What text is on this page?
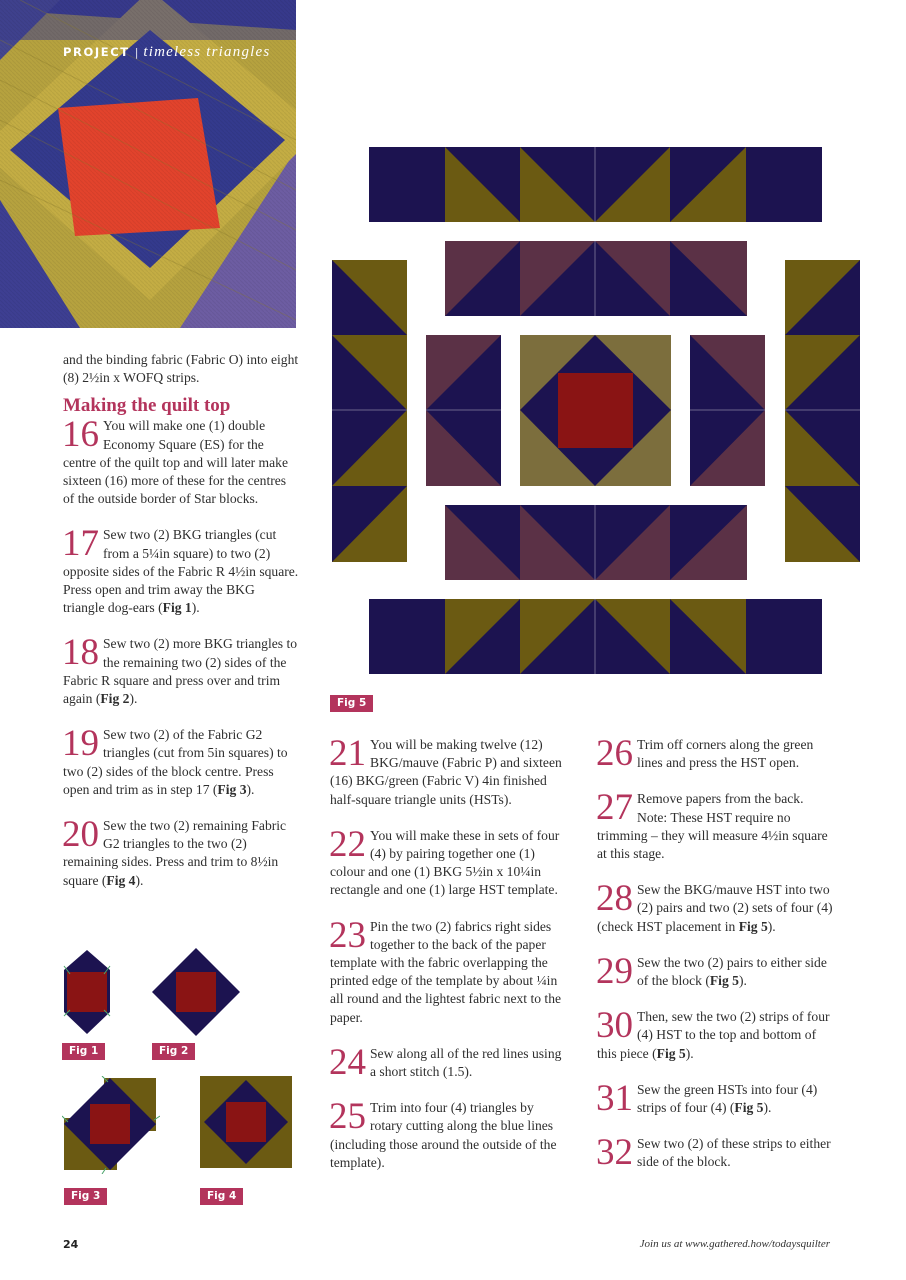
PROJECT | timeless triangles

and the binding fabric (Fabric O) into eight (8) 2½in x WOFQ strips.

Making the quilt top
16 You will make one (1) double Economy Square (ES) for the centre of the quilt top and will later make sixteen (16) more of these for the centres of the outside border of Star blocks.
17 Sew two (2) BKG triangles (cut from a 5¼in square) to two (2) opposite sides of the Fabric R 4½in square. Press open and trim away the BKG triangle dog-ears (Fig 1).
18 Sew two (2) more BKG triangles to the remaining two (2) sides of the Fabric R square and press over and trim again (Fig 2).
19 Sew two (2) of the Fabric G2 triangles (cut from 5in squares) to two (2) sides of the block centre. Press open and trim as in step 17 (Fig 3).
20 Sew the two (2) remaining Fabric G2 triangles to the two (2) remaining sides. Press and trim to 8½in square (Fig 4).
Fig 1	Fig 2
Fig 3	Fig 4
Fig 5
21 You will be making twelve (12) BKG/mauve (Fabric P) and sixteen (16) BKG/green (Fabric V) 4in finished half-square triangle units (HSTs).
22 You will make these in sets of four (4) by pairing together one (1) colour and one (1) BKG 5½in x 10¼in rectangle and one (1) large HST template.
23 Pin the two (2) fabrics right sides together to the back of the paper template with the fabric overlapping the printed edge of the template by about ¼in all round and the lightest fabric next to the paper.
24 Sew along all of the red lines using a short stitch (1.5).
25 Trim into four (4) triangles by rotary cutting along the blue lines (including those around the outside of the template).
26 Trim off corners along the green lines and press the HST open.
27 Remove papers from the back. Note: These HST require no trimming – they will measure 4½in square at this stage.
28 Sew the BKG/mauve HST into two (2) pairs and two (2) sets of four (4) (check HST placement in Fig 5).
29 Sew the two (2) pairs to either side of the block (Fig 5).
30 Then, sew the two (2) strips of four (4) HST to the top and bottom of this piece (Fig 5).
31 Sew the green HSTs into four (4) strips of four (4) (Fig 5).
32 Sew two (2) of these strips to either side of the block.
24	Join us at www.gathered.how/todaysquilter
